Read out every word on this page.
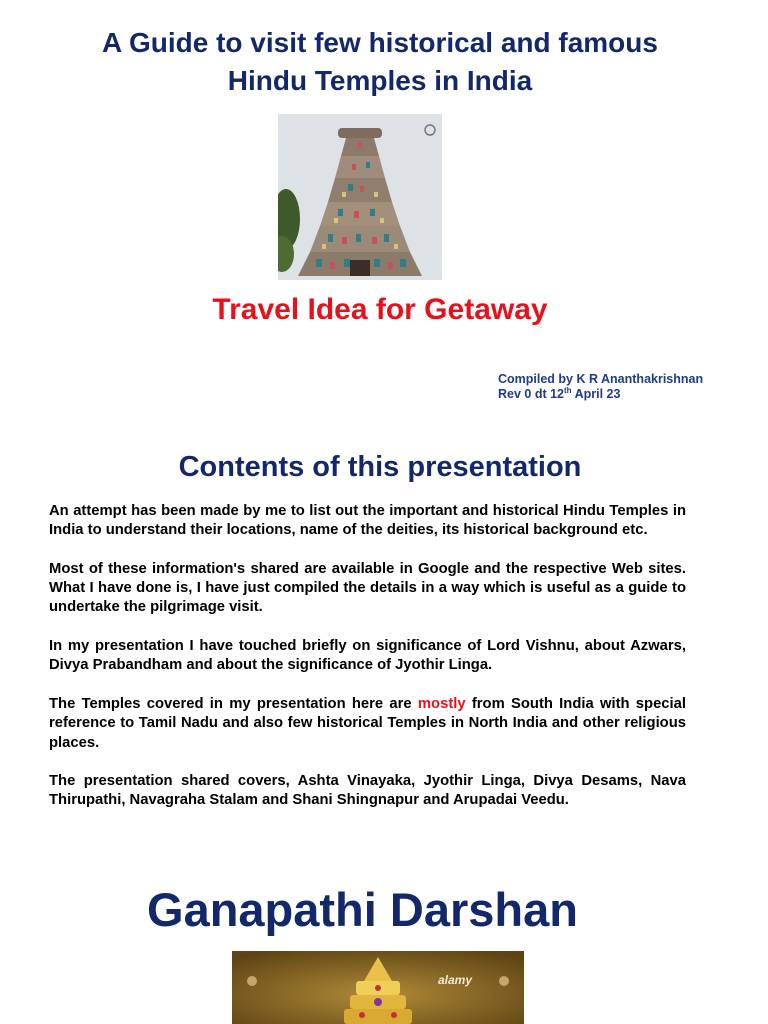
A Guide to visit few historical and famous
Hindu Temples in India
Travel Idea for Getaway
Compiled by K R Ananthakrishnan
Rev 0 dt 12th April 23
Contents of this presentation

An attempt has been made by me to list out the important and historical Hindu Temples in India to understand their locations, name of the deities, its historical background etc.

Most of these information's shared are available in Google and the respective Web sites. What I have done is, I have just compiled the details in a way which is useful as a guide to undertake the pilgrimage visit.

In my presentation I have touched briefly on significance of Lord Vishnu, about Azwars, Divya Prabandham and about the significance of Jyothir Linga.

The Temples covered in my presentation here are mostly from South India with special reference to Tamil Nadu and also few historical Temples in North India and other religious places.

The presentation shared covers, Ashta Vinayaka, Jyothir Linga, Divya Desams, Nava Thirupathi, Navagraha Stalam and Shani Shingnapur and Arupadai Veedu.

Ganapathi Darshan
alamy
